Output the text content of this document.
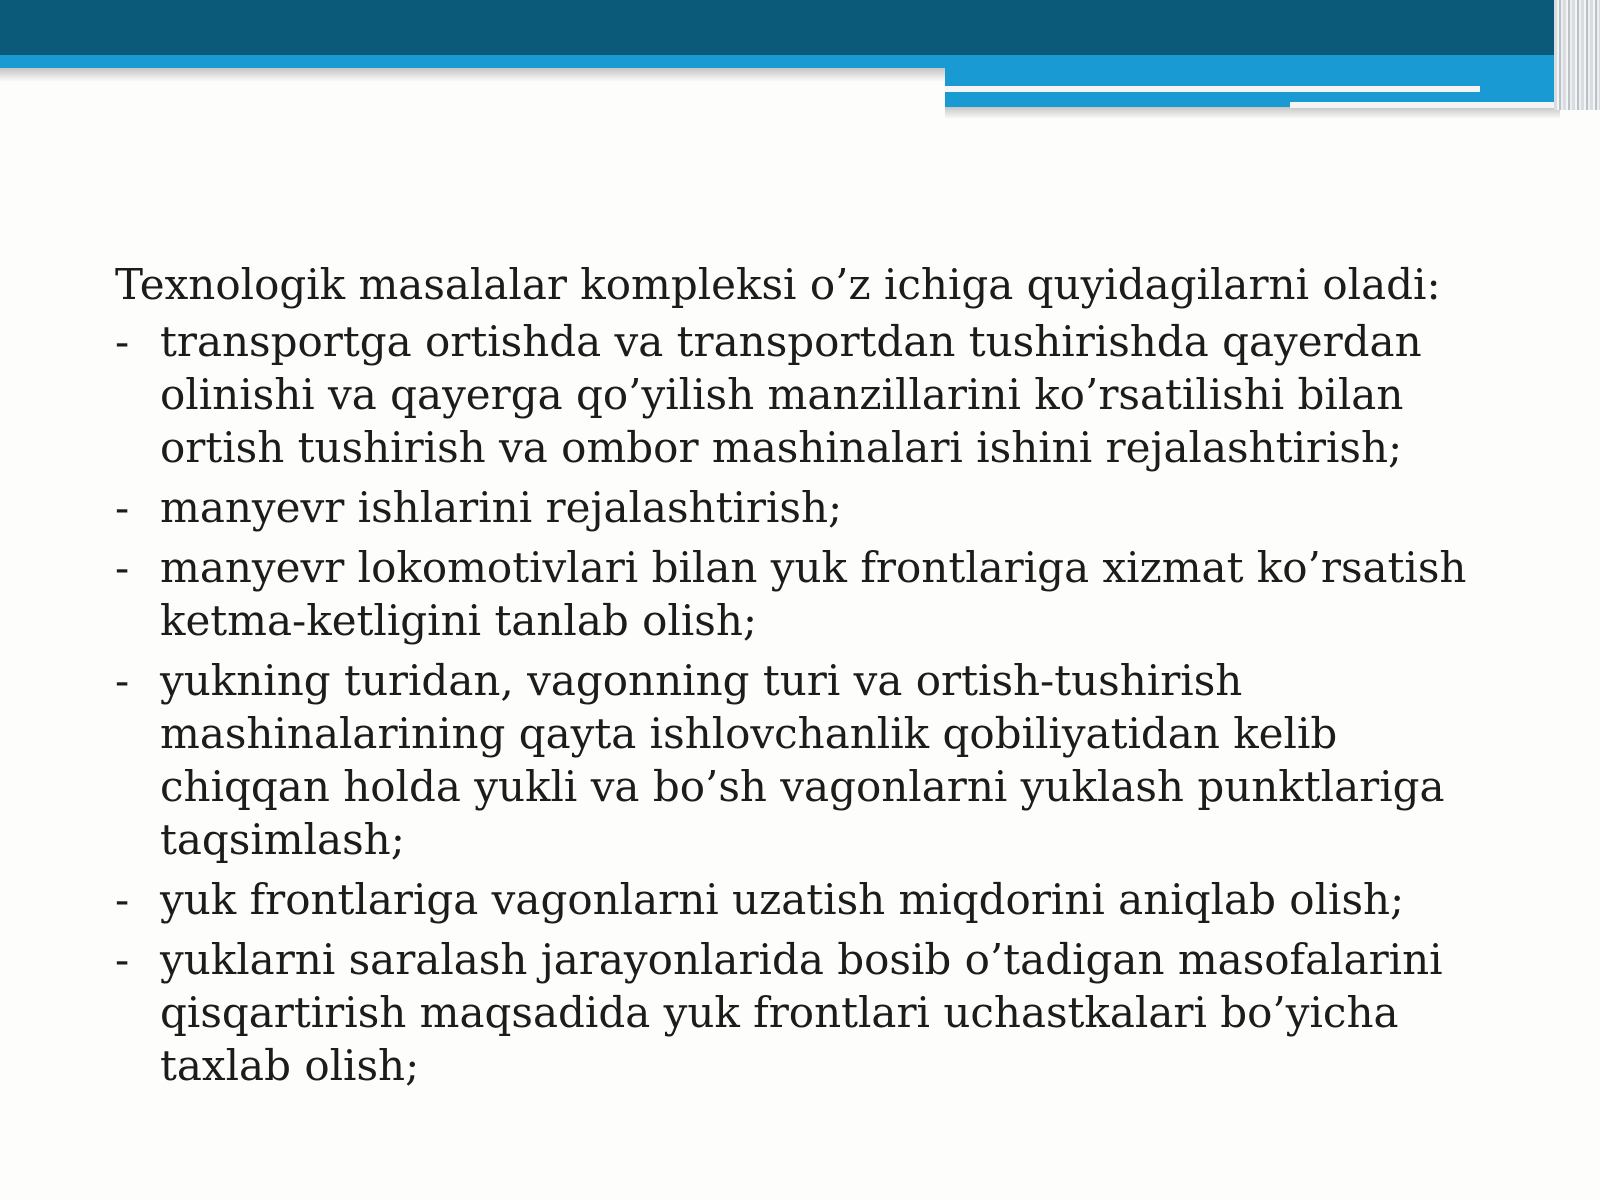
Texnologik masalalar kompleksi o’z ichiga quyidagilarni oladi:
- transportga ortishda va transportdan tushirishda qayerdan
olinishi va qayerga qo’yilish manzillarini ko’rsatilishi bilan
ortish tushirish va ombor mashinalari ishini rejalashtirish;
- manyevr ishlarini rejalashtirish;
- manyevr lokomotivlari bilan yuk frontlariga xizmat ko’rsatish
ketma-ketligini tanlab olish;
- yukning turidan, vagonning turi va ortish-tushirish
mashinalarining qayta ishlovchanlik qobiliyatidan kelib
chiqqan holda yukli va bo’sh vagonlarni yuklash punktlariga
taqsimlash;
- yuk frontlariga vagonlarni uzatish miqdorini aniqlab olish;
- yuklarni saralash jarayonlarida bosib o’tadigan masofalarini
qisqartirish maqsadida yuk frontlari uchastkalari bo’yicha
taxlab olish;
